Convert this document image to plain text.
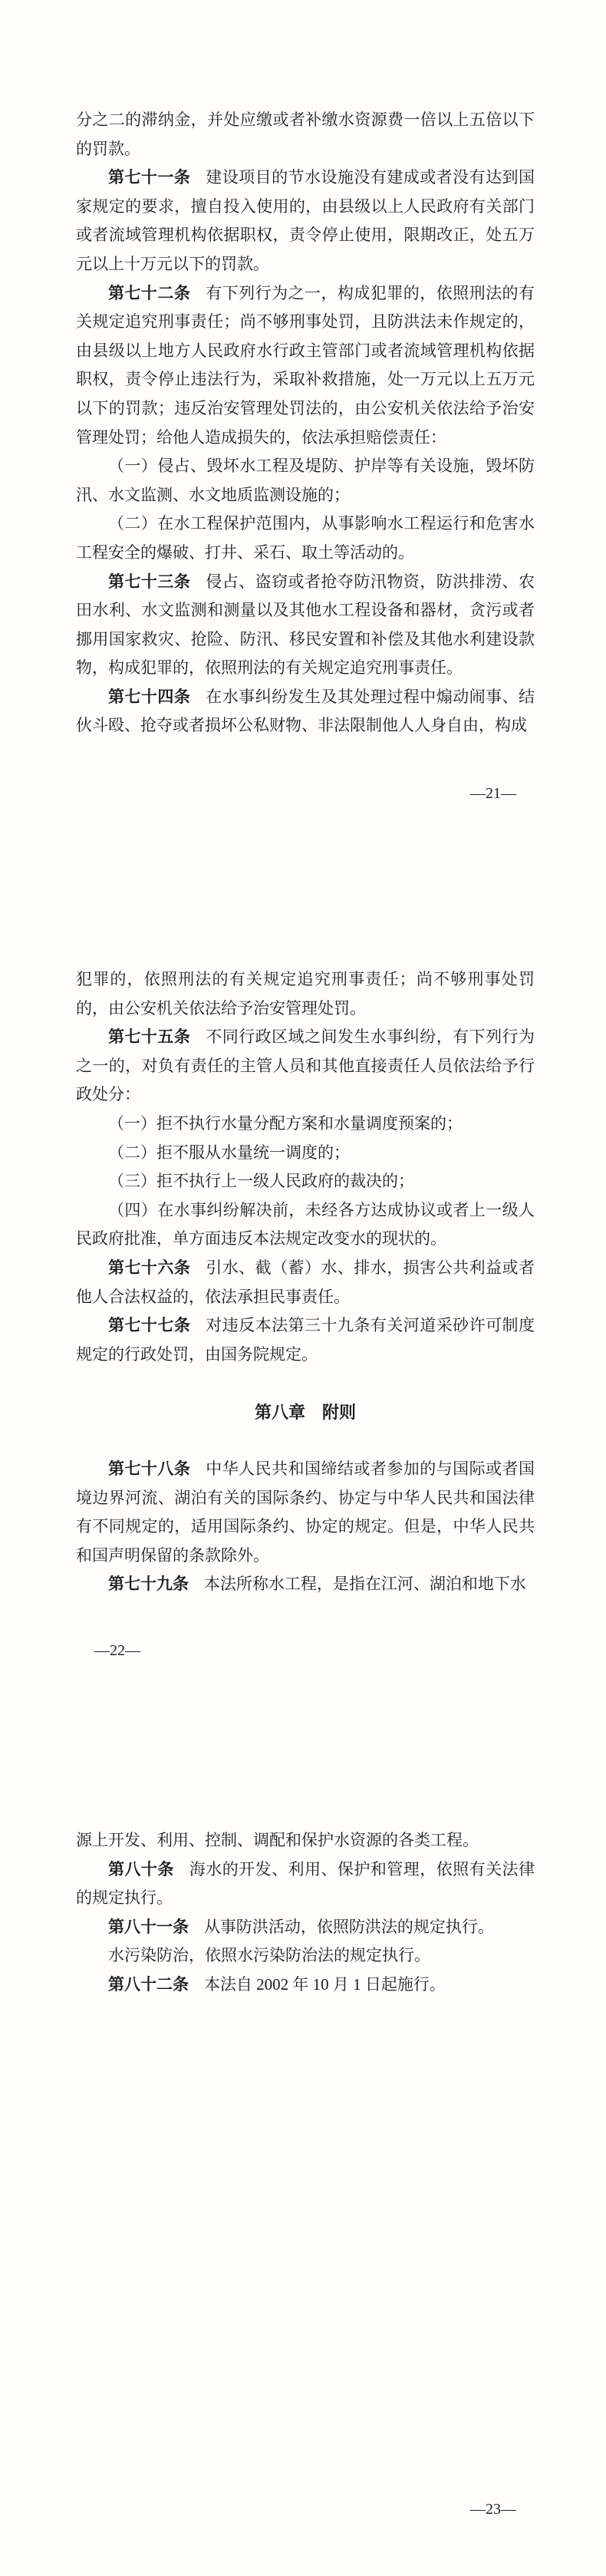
分之二的滞纳金，并处应缴或者补缴水资源费一倍以上五倍以下的罚款。

第七十一条 建设项目的节水设施没有建成或者没有达到国家规定的要求，擅自投入使用的，由县级以上人民政府有关部门或者流域管理机构依据职权，责令停止使用，限期改正，处五万元以上十万元以下的罚款。

第七十二条 有下列行为之一，构成犯罪的，依照刑法的有关规定追究刑事责任；尚不够刑事处罚，且防洪法未作规定的，由县级以上地方人民政府水行政主管部门或者流域管理机构依据职权，责令停止违法行为，采取补救措施，处一万元以上五万元以下的罚款；违反治安管理处罚法的，由公安机关依法给予治安管理处罚；给他人造成损失的，依法承担赔偿责任：

（一）侵占、毁坏水工程及堤防、护岸等有关设施，毁坏防汛、水文监测、水文地质监测设施的；

（二）在水工程保护范围内，从事影响水工程运行和危害水工程安全的爆破、打井、采石、取土等活动的。

第七十三条 侵占、盗窃或者抢夺防汛物资，防洪排涝、农田水利、水文监测和测量以及其他水工程设备和器材，贪污或者挪用国家救灾、抢险、防汛、移民安置和补偿及其他水利建设款物，构成犯罪的，依照刑法的有关规定追究刑事责任。

第七十四条 在水事纠纷发生及其处理过程中煽动闹事、结伙斗殴、抢夺或者损坏公私财物、非法限制他人人身自由，构成

犯罪的，依照刑法的有关规定追究刑事责任；尚不够刑事处罚的，由公安机关依法给予治安管理处罚。

第七十五条 不同行政区域之间发生水事纠纷，有下列行为之一的，对负有责任的主管人员和其他直接责任人员依法给予行政处分：

（一）拒不执行水量分配方案和水量调度预案的；

（二）拒不服从水量统一调度的；

（三）拒不执行上一级人民政府的裁决的；

（四）在水事纠纷解决前，未经各方达成协议或者上一级人民政府批准，单方面违反本法规定改变水的现状的。

第七十六条 引水、截（蓄）水、排水，损害公共利益或者他人合法权益的，依法承担民事责任。

第七十七条 对违反本法第三十九条有关河道采砂许可制度规定的行政处罚，由国务院规定。

第八章　附则

第七十八条 中华人民共和国缔结或者参加的与国际或者国境边界河流、湖泊有关的国际条约、协定与中华人民共和国法律有不同规定的，适用国际条约、协定的规定。但是，中华人民共和国声明保留的条款除外。

第七十九条 本法所称水工程，是指在江河、湖泊和地下水

源上开发、利用、控制、调配和保护水资源的各类工程。

第八十条 海水的开发、利用、保护和管理，依照有关法律的规定执行。

第八十一条 从事防洪活动，依照防洪法的规定执行。

水污染防治，依照水污染防治法的规定执行。

第八十二条 本法自 2002 年 10 月 1 日起施行。

—21—
—22—
—23—
